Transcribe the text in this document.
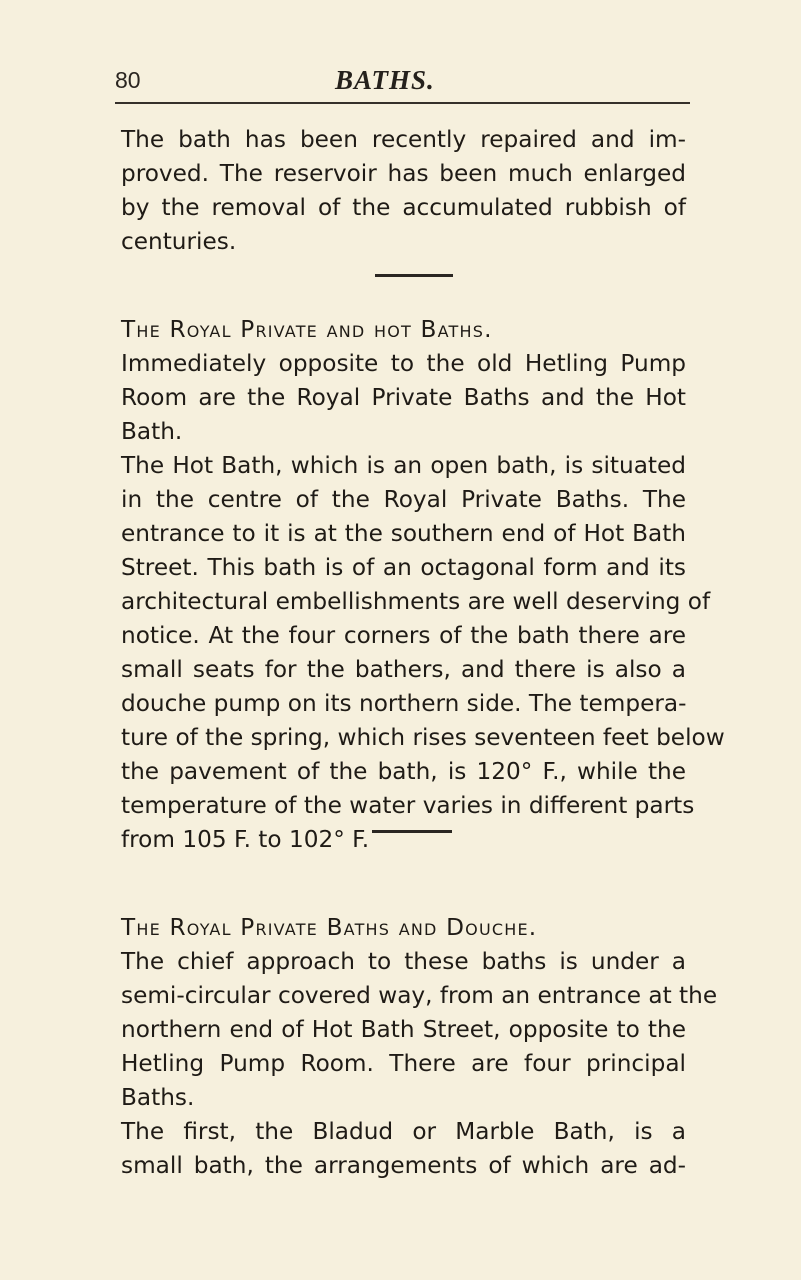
80	BATHS.
The bath has been recently repaired and im-
proved. The reservoir has been much enlarged
by the removal of the accumulated rubbish of
centuries.
The Royal Private and hot Baths.
Immediately opposite to the old Hetling Pump
Room are the Royal Private Baths and the Hot
Bath.
The Hot Bath, which is an open bath, is situated
in the centre of the Royal Private Baths. The
entrance to it is at the southern end of Hot Bath
Street. This bath is of an octagonal form and its
architectural embellishments are well deserving of
notice. At the four corners of the bath there are
small seats for the bathers, and there is also a
douche pump on its northern side. The tempera-
ture of the spring, which rises seventeen feet below
the pavement of the bath, is 120° F., while the
temperature of the water varies in different parts
from 105 F. to 102° F.
The Royal Private Baths and Douche.
The chief approach to these baths is under a
semi-circular covered way, from an entrance at the
northern end of Hot Bath Street, opposite to the
Hetling Pump Room. There are four principal
Baths.
The first, the Bladud or Marble Bath, is a
small bath, the arrangements of which are ad-
